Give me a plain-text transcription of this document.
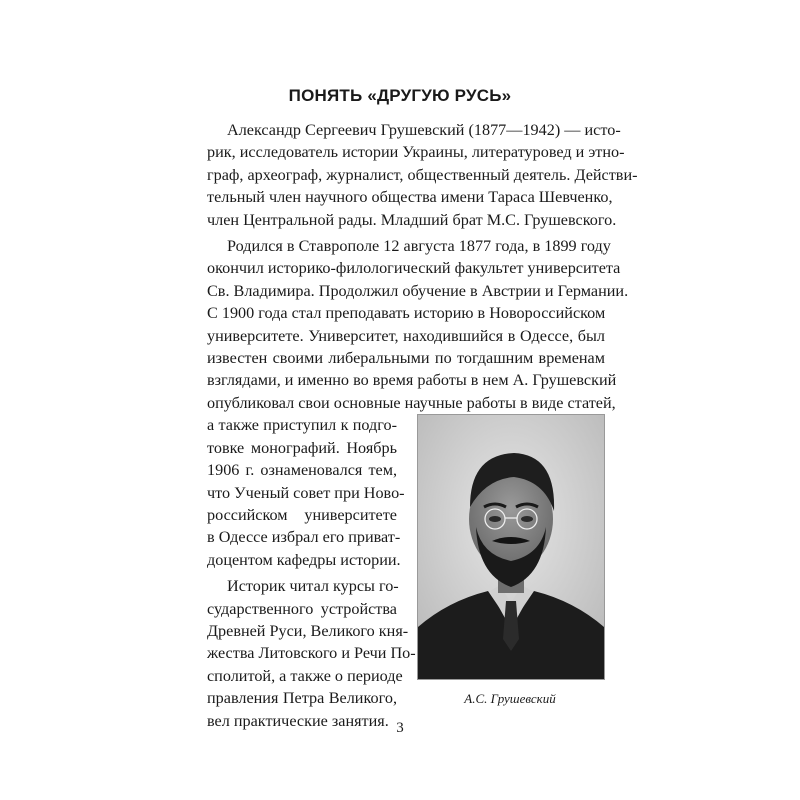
ПОНЯТЬ «ДРУГУЮ РУСЬ»
Александр Сергеевич Грушевский (1877—1942) — исто-
рик, исследователь истории Украины, литературовед и этно-
граф, археограф, журналист, общественный деятель. Действи-
тельный член научного общества имени Тараса Шевченко,
член Центральной рады. Младший брат М.С. Грушевского.
Родился в Ставрополе 12 августа 1877 года, в 1899 году
окончил историко-филологический факультет университета
Св. Владимира. Продолжил обучение в Австрии и Германии.
С 1900 года стал преподавать историю в Новороссийском
университете. Университет, находившийся в Одессе, был
известен своими либеральными по тогдашним временам
взглядами, и именно во время работы в нем А. Грушевский
опубликовал свои основные научные работы в виде статей,
а также приступил к подго-
товке монографий. Ноябрь
1906 г. ознаменовался тем,
что Ученый совет при Ново-
российском университете
в Одессе избрал его приват-
доцентом кафедры истории.
Историк читал курсы го-
сударственного устройства
Древней Руси, Великого кня-
жества Литовского и Речи По-
сполитой, а также о периоде
правления Петра Великого,
вел практические занятия.
А.С. Грушевский
3
